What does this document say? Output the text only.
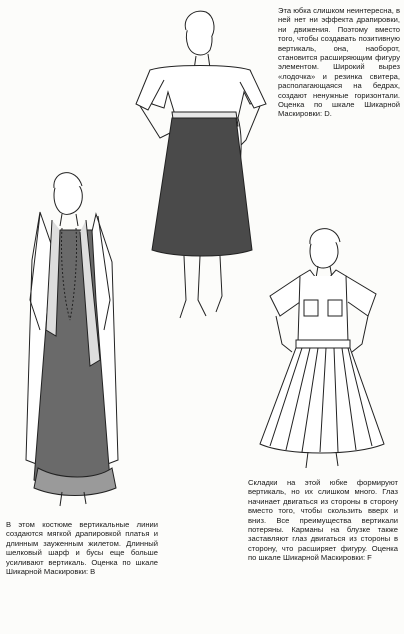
Эта юбка слишком неинтересна, в ней нет ни эффекта драпировки, ни движения. Поэтому вместо того, чтобы создавать позитивную вертикаль, она, наоборот, становится расширяющим фигуру элементом. Широкий вырез «лодочка» и резинка свитера, располагающаяся на бедрах, создают ненужные горизонтали. Оценка по шкале Шикарной Маскировки: D.

Складки на этой юбке формируют вертикаль, но их слишком много. Глаз начинает двигаться из стороны в сторону вместо того, чтобы скользить вверх и вниз. Все преимущества вертикали потеряны. Карманы на блузке также заставляют глаз двигаться из стороны в сторону, что расширяет фигуру. Оценка по шкале Шикарной Маскировки: F

В этом костюме вертикальные линии создаются мягкой драпировкой платья и длинным зауженным жилетом. Длинный шелковый шарф и бусы еще больше усиливают вертикаль. Оценка по шкале Шикарной Маскировки: В
